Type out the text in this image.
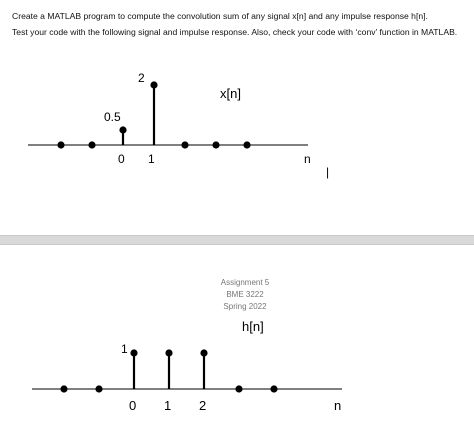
Create a MATLAB program to compute the convolution sum of any signal x[n] and any impulse response h[n].
Test your code with the following signal and impulse response. Also, check your code with ‘conv’ function in MATLAB.
x[n]
2
0.5
0 1	n
|
Assignment 5
BME 3222
Spring 2022
h[n]
1
0 1 2	n
